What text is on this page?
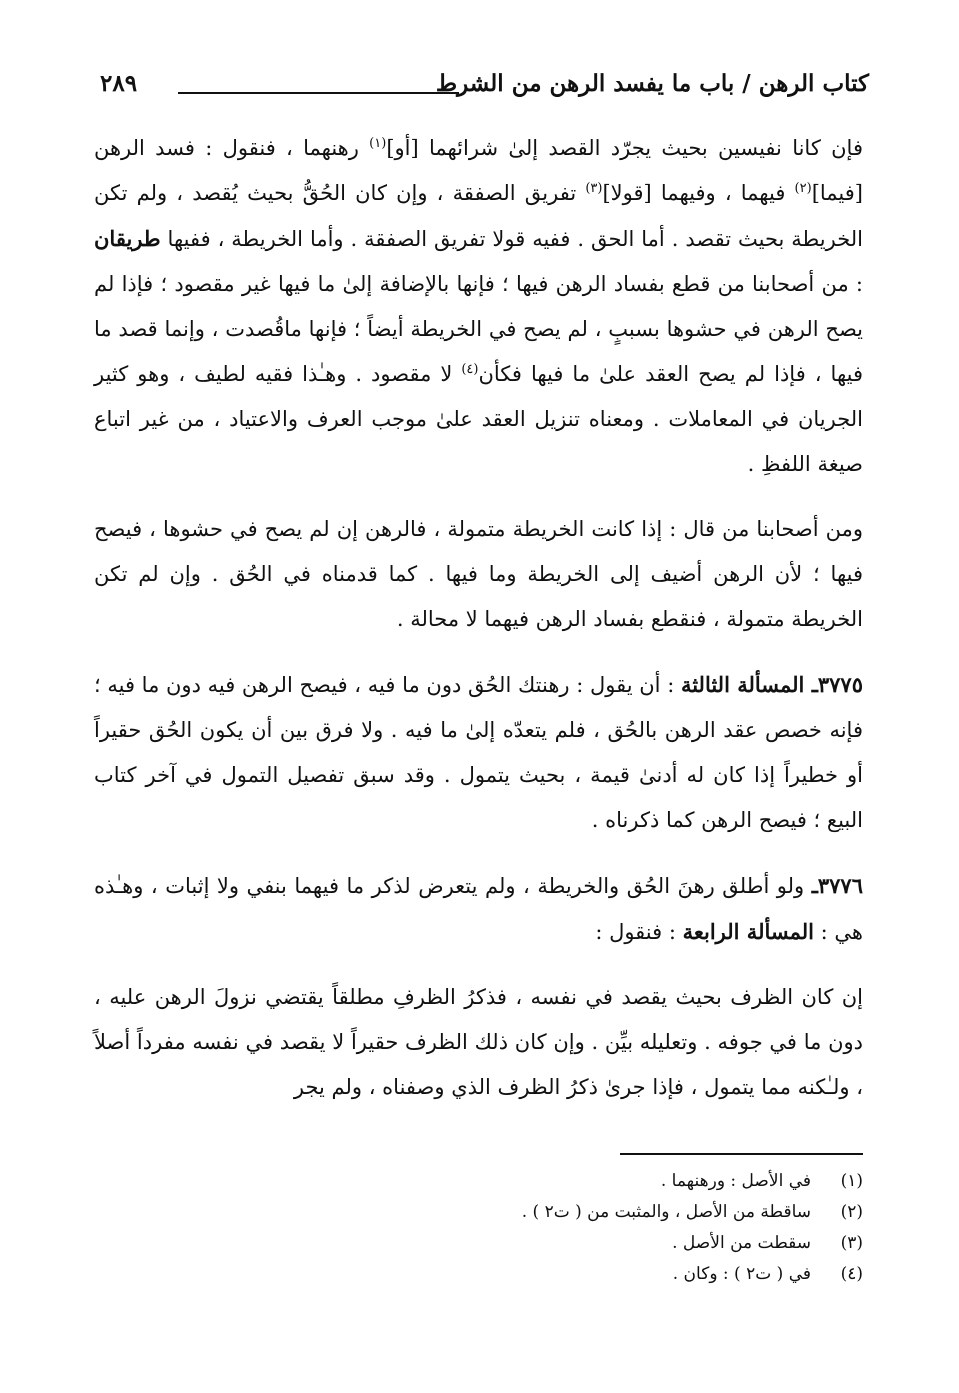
كتاب الرهن / باب ما يفسد الرهن من الشرط
٢٨٩

فإن كانا نفيسين بحيث يجرّد القصد إلىٰ شرائهما [أو]$^{(١)}$ رهنهما ، فنقول : فسد الرهن [فيما]$^{(٢)}$ فيهما ، وفيهما [قولا]$^{(٣)}$ تفريق الصفقة ، وإن كان الحُقُّ بحيث يُقصد ، ولم تكن الخريطة بحيث تقصد . أما الحق . ففيه قولا تفريق الصفقة . وأما الخريطة ، ففيها طريقان : من أصحابنا من قطع بفساد الرهن فيها ؛ فإنها بالإضافة إلىٰ ما فيها غير مقصود ؛ فإذا لم يصح الرهن في حشوها بسببٍ ، لم يصح في الخريطة أيضاً ؛ فإنها ماقُصدت ، وإنما قصد ما فيها ، فإذا لم يصح العقد علىٰ ما فيها فكأن$^{(٤)}$ لا مقصود . وهـٰذا فقيه لطيف ، وهو كثير الجريان في المعاملات . ومعناه تنزيل العقد علىٰ موجب العرف والاعتياد ، من غير اتباع صيغة اللفظِ .

ومن أصحابنا من قال : إذا كانت الخريطة متمولة ، فالرهن إن لم يصح في حشوها ، فيصح فيها ؛ لأن الرهن أضيف إلى الخريطة وما فيها . كما قدمناه في الحُق . وإن لم تكن الخريطة متمولة ، فنقطع بفساد الرهن فيهما لا محالة .

٣٧٧٥ـ المسألة الثالثة : أن يقول : رهنتك الحُق دون ما فيه ، فيصح الرهن فيه دون ما فيه ؛ فإنه خصص عقد الرهن بالحُق ، فلم يتعدّه إلىٰ ما فيه . ولا فرق بين أن يكون الحُق حقيراً أو خطيراً إذا كان له أدنىٰ قيمة ، بحيث يتمول . وقد سبق تفصيل التمول في آخر كتاب البيع ؛ فيصح الرهن كما ذكرناه .

٣٧٧٦ـ ولو أطلق رهنَ الحُق والخريطة ، ولم يتعرض لذكر ما فيهما بنفي ولا إثبات ، وهـٰذه هي : المسألة الرابعة : فنقول :

إن كان الظرف بحيث يقصد في نفسه ، فذكرُ الظرفِ مطلقاً يقتضي نزولَ الرهن عليه ، دون ما في جوفه . وتعليله بيِّن . وإن كان ذلك الظرف حقيراً لا يقصد في نفسه مفرداً أصلاً ، ولـٰكنه مما يتمول ، فإذا جرىٰ ذكرُ الظرف الذي وصفناه ، ولم يجر

(١)
في الأصل : ورهنهما .
(٢)
ساقطة من الأصل ، والمثبت من ( ت٢ ) .
(٣)
سقطت من الأصل .
(٤)
في ( ت٢ ) : وكان .
